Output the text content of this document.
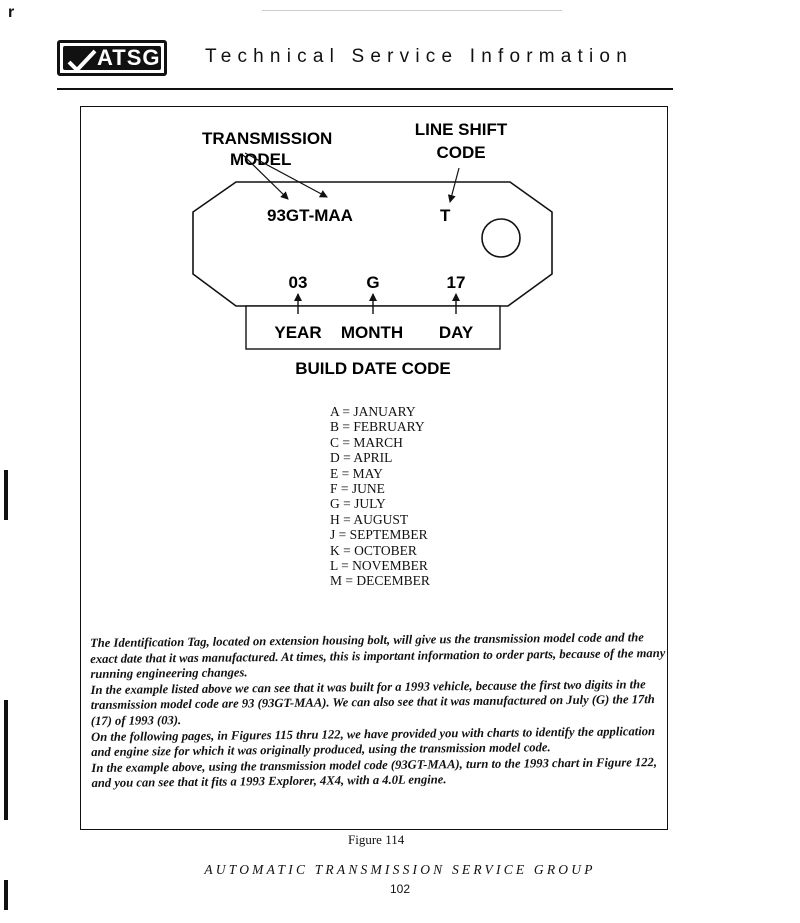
r
ATSG Technical Service Information
TRANSMISSION
MODEL
LINE SHIFT
CODE
93GT-MAA	T
03	G	17
YEAR MONTH DAY
BUILD DATE CODE
A = JANUARY
B = FEBRUARY
C = MARCH
D = APRIL
E = MAY
F = JUNE
G = JULY
H = AUGUST
J = SEPTEMBER
K = OCTOBER
L = NOVEMBER
M = DECEMBER

The Identification Tag, located on extension housing bolt, will give us the transmission model code and the exact date that it was manufactured. At times, this is important information to order parts, because of the many running engineering changes.

In the example listed above we can see that it was built for a 1993 vehicle, because the first two digits in the transmission model code are 93 (93GT-MAA). We can also see that it was manufactured on July (G) the 17th (17) of 1993 (03).

On the following pages, in Figures 115 thru 122, we have provided you with charts to identify the application and engine size for which it was originally produced, using the transmission model code.

In the example above, using the transmission model code (93GT-MAA), turn to the 1993 chart in Figure 122, and you can see that it fits a 1993 Explorer, 4X4, with a 4.0L engine.

Figure 114
AUTOMATIC TRANSMISSION SERVICE GROUP
102
